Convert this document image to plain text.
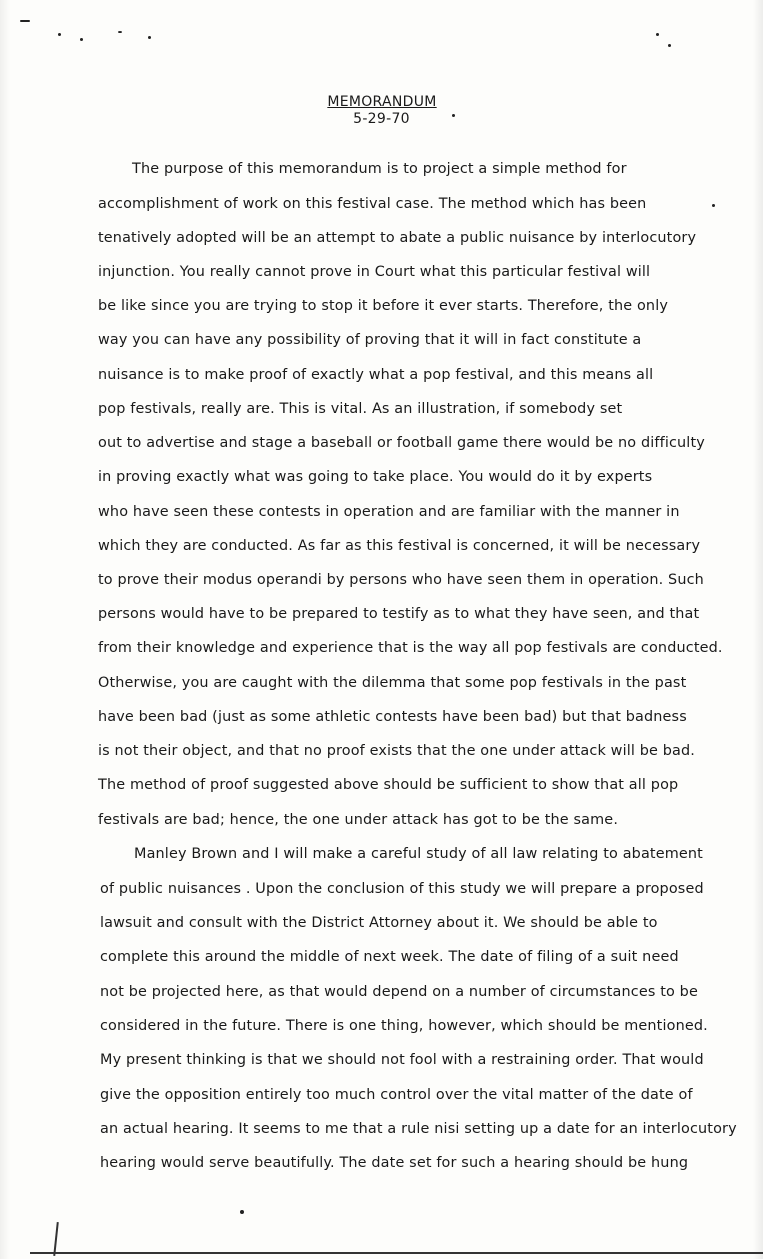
MEMORANDUM
5-29-70
The purpose of this memorandum is to project a simple method for
accomplishment of work on this festival case. The method which has been
tenatively adopted will be an attempt to abate a public nuisance by interlocutory
injunction. You really cannot prove in Court what this particular festival will
be like since you are trying to stop it before it ever starts. Therefore, the only
way you can have any possibility of proving that it will in fact constitute a
nuisance is to make proof of exactly what a pop festival, and this means all
pop festivals, really are. This is vital. As an illustration, if somebody set
out to advertise and stage a baseball or football game there would be no difficulty
in proving exactly what was going to take place. You would do it by experts
who have seen these contests in operation and are familiar with the manner in
which they are conducted. As far as this festival is concerned, it will be necessary
to prove their modus operandi by persons who have seen them in operation. Such
persons would have to be prepared to testify as to what they have seen, and that
from their knowledge and experience that is the way all pop festivals are conducted.
Otherwise, you are caught with the dilemma that some pop festivals in the past
have been bad (just as some athletic contests have been bad) but that badness
is not their object, and that no proof exists that the one under attack will be bad.
The method of proof suggested above should be sufficient to show that all pop
festivals are bad; hence, the one under attack has got to be the same.
Manley Brown and I will make a careful study of all law relating to abatement
of public nuisances . Upon the conclusion of this study we will prepare a proposed
lawsuit and consult with the District Attorney about it. We should be able to
complete this around the middle of next week. The date of filing of a suit need
not be projected here, as that would depend on a number of circumstances to be
considered in the future. There is one thing, however, which should be mentioned.
My present thinking is that we should not fool with a restraining order. That would
give the opposition entirely too much control over the vital matter of the date of
an actual hearing. It seems to me that a rule nisi setting up a date for an interlocutory
hearing would serve beautifully. The date set for such a hearing should be hung
